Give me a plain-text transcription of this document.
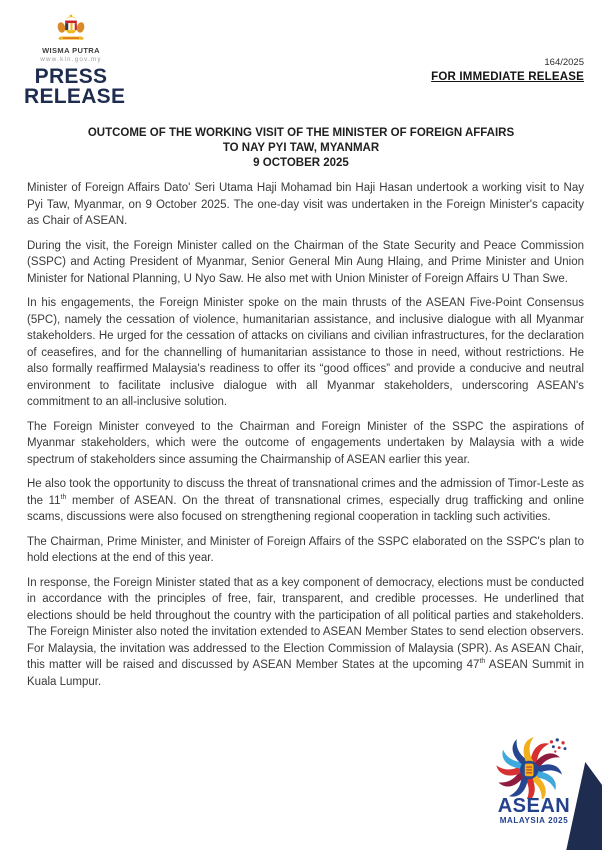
WISMA PUTRA
www.kln.gov.my
PRESS
RELEASE
164/2025
FOR IMMEDIATE RELEASE
OUTCOME OF THE WORKING VISIT OF THE MINISTER OF FOREIGN AFFAIRS
TO NAY PYI TAW, MYANMAR
9 OCTOBER 2025

Minister of Foreign Affairs Dato' Seri Utama Haji Mohamad bin Haji Hasan undertook a working visit to Nay Pyi Taw, Myanmar, on 9 October 2025. The one-day visit was undertaken in the Foreign Minister's capacity as Chair of ASEAN.

During the visit, the Foreign Minister called on the Chairman of the State Security and Peace Commission (SSPC) and Acting President of Myanmar, Senior General Min Aung Hlaing, and Prime Minister and Union Minister for National Planning, U Nyo Saw. He also met with Union Minister of Foreign Affairs U Than Swe.

In his engagements, the Foreign Minister spoke on the main thrusts of the ASEAN Five-Point Consensus (5PC), namely the cessation of violence, humanitarian assistance, and inclusive dialogue with all Myanmar stakeholders. He urged for the cessation of attacks on civilians and civilian infrastructures, for the declaration of ceasefires, and for the channelling of humanitarian assistance to those in need, without restrictions. He also formally reaffirmed Malaysia's readiness to offer its “good offices” and provide a conducive and neutral environment to facilitate inclusive dialogue with all Myanmar stakeholders, underscoring ASEAN's commitment to an all-inclusive solution.

The Foreign Minister conveyed to the Chairman and Foreign Minister of the SSPC the aspirations of Myanmar stakeholders, which were the outcome of engagements undertaken by Malaysia with a wide spectrum of stakeholders since assuming the Chairmanship of ASEAN earlier this year.

He also took the opportunity to discuss the threat of transnational crimes and the admission of Timor-Leste as the 11th member of ASEAN. On the threat of transnational crimes, especially drug trafficking and online scams, discussions were also focused on strengthening regional cooperation in tackling such activities.

The Chairman, Prime Minister, and Minister of Foreign Affairs of the SSPC elaborated on the SSPC's plan to hold elections at the end of this year.

In response, the Foreign Minister stated that as a key component of democracy, elections must be conducted in accordance with the principles of free, fair, transparent, and credible processes. He underlined that elections should be held throughout the country with the participation of all political parties and stakeholders. The Foreign Minister also noted the invitation extended to ASEAN Member States to send election observers. For Malaysia, the invitation was addressed to the Election Commission of Malaysia (SPR). As ASEAN Chair, this matter will be raised and discussed by ASEAN Member States at the upcoming 47th ASEAN Summit in Kuala Lumpur.

ASEAN
MALAYSIA 2025
